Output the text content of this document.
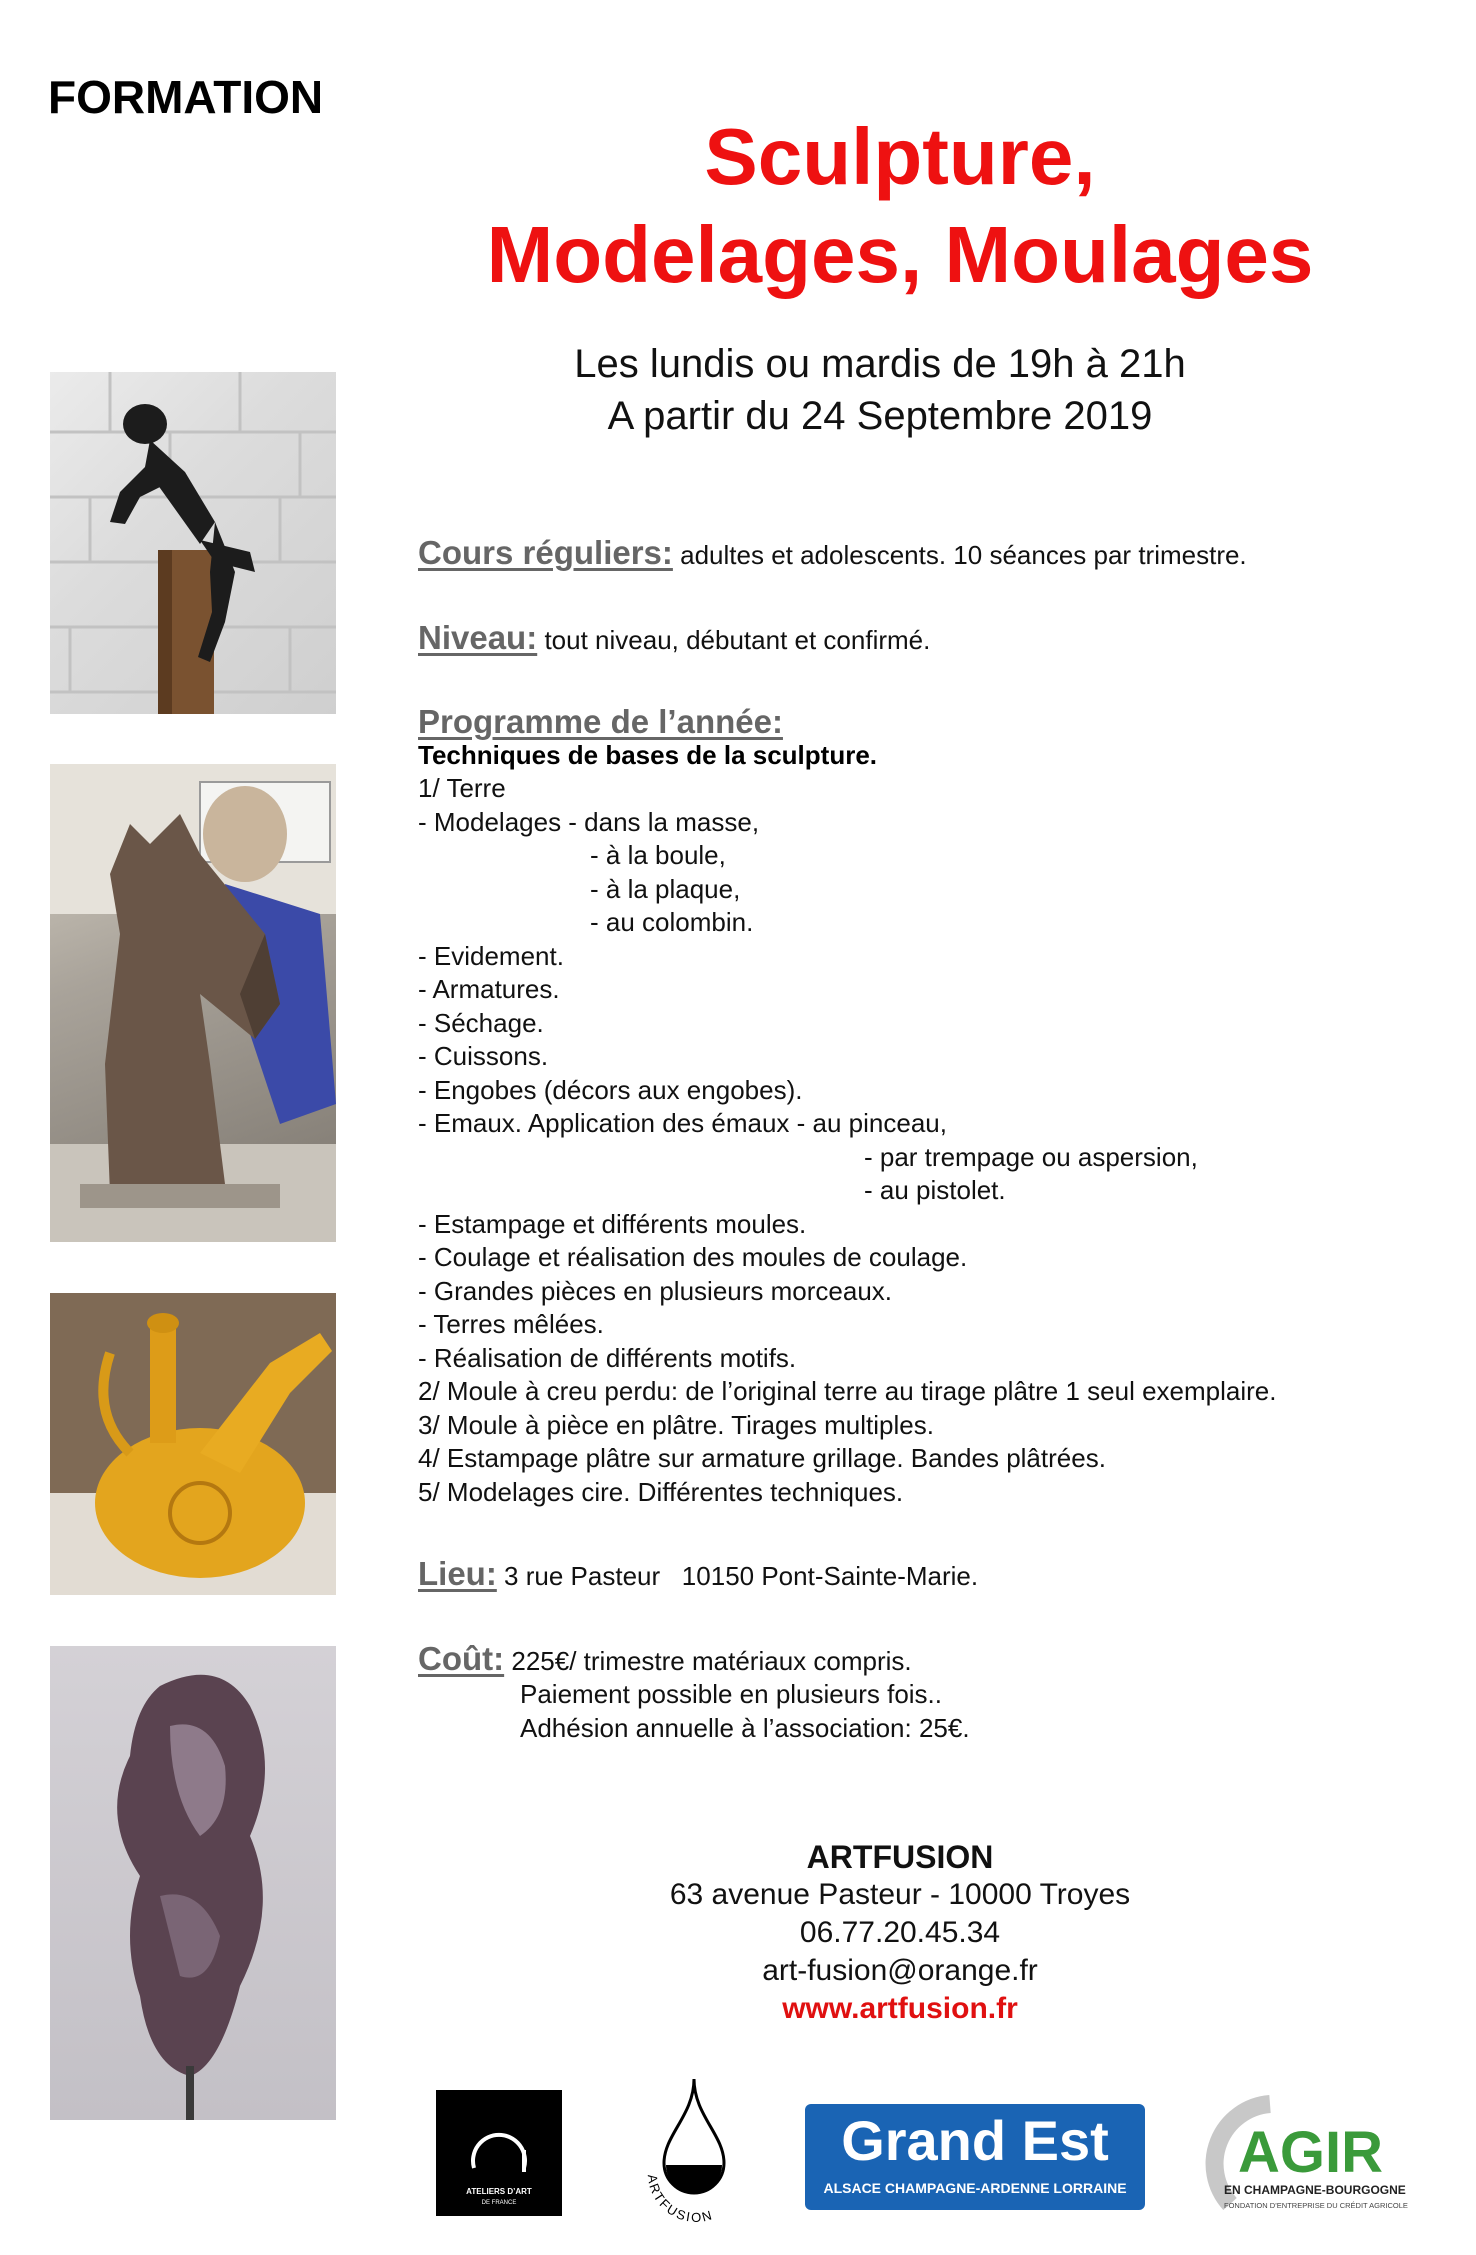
FORMATION
Sculpture,
Modelages, Moulages
Les lundis ou mardis de 19h à 21h
A partir du 24 Septembre 2019

Cours réguliers: adultes et adolescents. 10 séances par trimestre.

Niveau: tout niveau, débutant et confirmé.

Programme de l’année:
Techniques de bases de la sculpture.
1/ Terre
- Modelages - dans la masse,
- à la boule,
- à la plaque,
- au colombin.
- Evidement.
- Armatures.
- Séchage.
- Cuissons.
- Engobes (décors aux engobes).
- Emaux. Application des émaux - au pinceau,
- par trempage ou aspersion,
- au pistolet.
- Estampage et différents moules.
- Coulage et réalisation des moules de coulage.
- Grandes pièces en plusieurs morceaux.
- Terres mêlées.
- Réalisation de différents motifs.
2/ Moule à creu perdu: de l’original terre au tirage plâtre 1 seul exemplaire.
3/ Moule à pièce en plâtre. Tirages multiples.
4/ Estampage plâtre sur armature grillage. Bandes plâtrées.
5/ Modelages cire. Différentes techniques.

Lieu: 3 rue Pasteur   10150 Pont-Sainte-Marie.

Coût: 225€/ trimestre matériaux compris.
Paiement possible en plusieurs fois..
Adhésion annuelle à l’association: 25€.
ARTFUSION
63 avenue Pasteur - 10000 Troyes
06.77.20.45.34
art-fusion@orange.fr
www.artfusion.fr
ATELIERS D’ART
DE FRANCE
ARTFUSION
Grand Est
ALSACE CHAMPAGNE-ARDENNE LORRAINE
AGIR
EN CHAMPAGNE-BOURGOGNE
FONDATION D’ENTREPRISE DU CRÉDIT AGRICOLE
